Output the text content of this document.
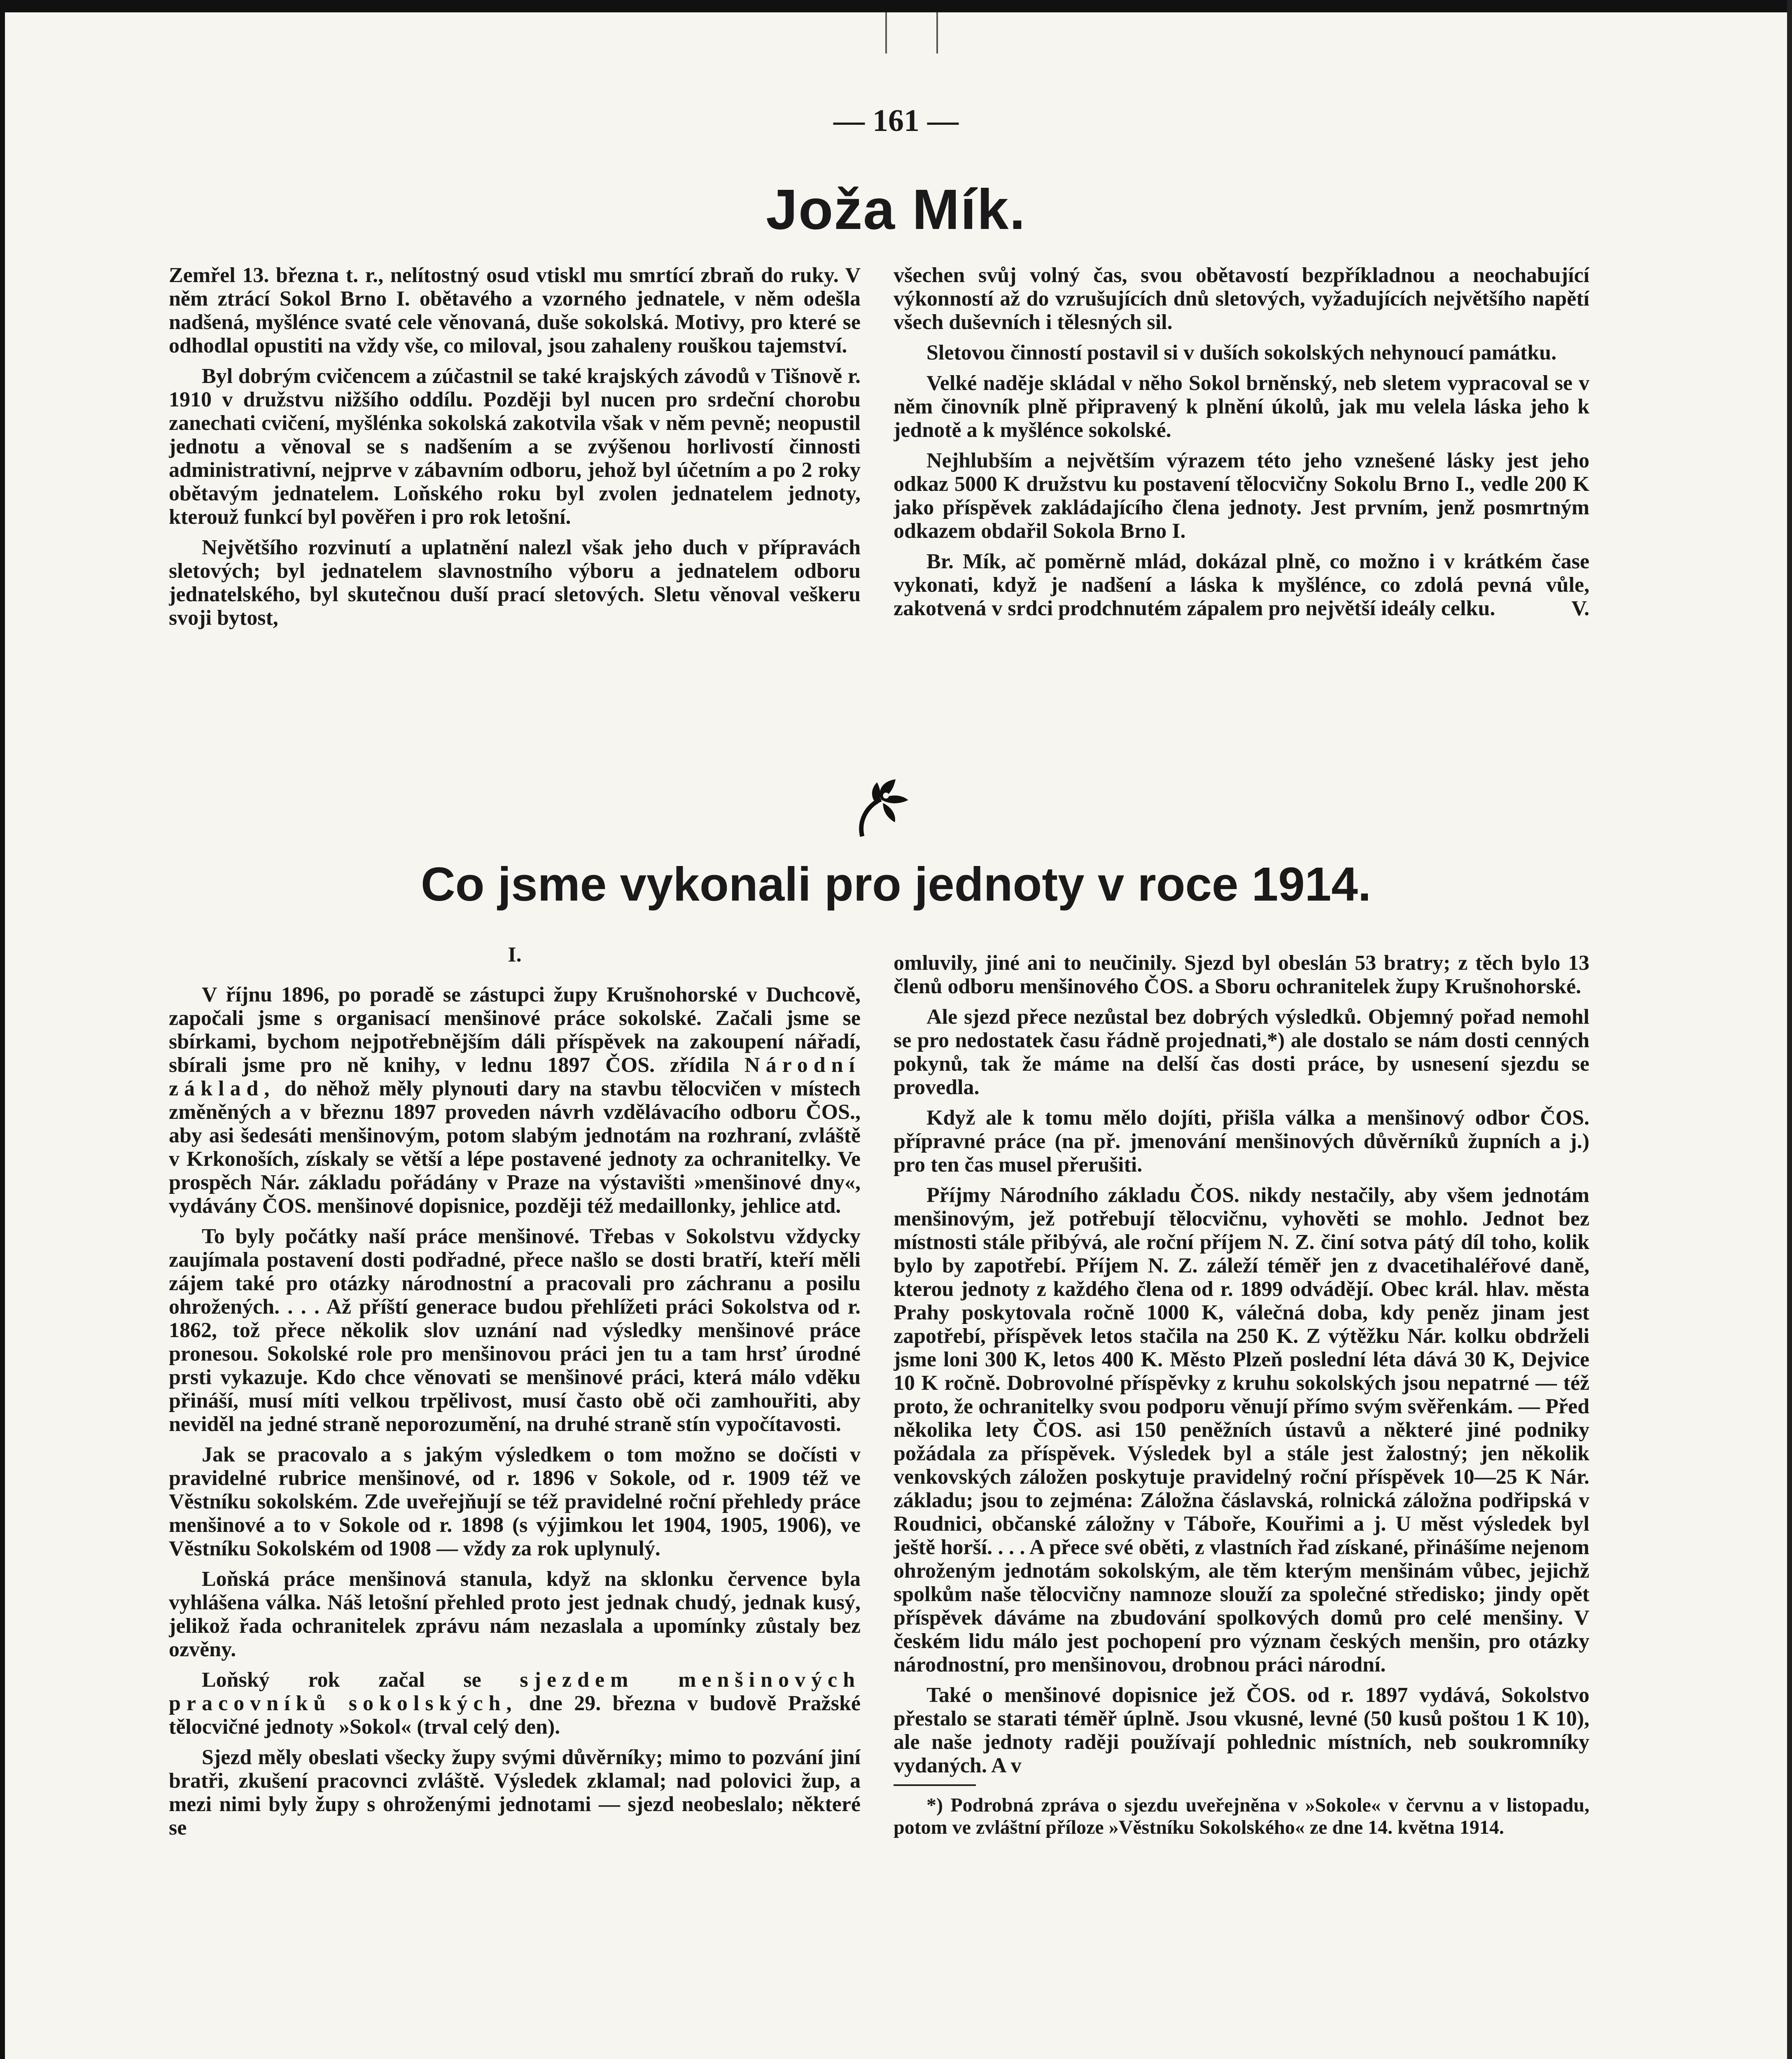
— 161 —
Joža Mík.

Zemřel 13. března t. r., nelítostný osud vtiskl mu smrtící zbraň do ruky. V něm ztrácí Sokol Brno I. obětavého a vzorného jednatele, v něm odešla nadšená, myšlénce svaté cele věnovaná, duše sokolská. Motivy, pro které se odhodlal opustiti na vždy vše, co miloval, jsou zahaleny rouškou tajemství.

Byl dobrým cvičencem a zúčastnil se také krajských závodů v Tišnově r. 1910 v družstvu nižšího oddílu. Později byl nucen pro srdeční chorobu zanechati cvičení, myšlénka sokolská zakotvila však v něm pevně; neopustil jednotu a věnoval se s nadšením a se zvýšenou horlivostí činnosti administrativní, nejprve v zábavním odboru, jehož byl účetním a po 2 roky obětavým jednatelem. Loňského roku byl zvolen jednatelem jednoty, kterouž funkcí byl pověřen i pro rok letošní.

Největšího rozvinutí a uplatnění nalezl však jeho duch v přípravách sletových; byl jednatelem slavnostního výboru a jednatelem odboru jednatelského, byl skutečnou duší prací sletových. Sletu věnoval veškeru svoji bytost,

všechen svůj volný čas, svou obětavostí bezpříkladnou a neochabující výkonností až do vzrušujících dnů sletových, vyžadujících největšího napětí všech duševních i tělesných sil.

Sletovou činností postavil si v duších sokolských nehynoucí památku.

Velké naděje skládal v něho Sokol brněnský, neb sletem vypracoval se v něm činovník plně připravený k plnění úkolů, jak mu velela láska jeho k jednotě a k myšlénce sokolské.

Nejhlubším a největším výrazem této jeho vznešené lásky jest jeho odkaz 5000 K družstvu ku postavení tělocvičny Sokolu Brno I., vedle 200 K jako příspěvek zakládajícího člena jednoty. Jest prvním, jenž posmrtným odkazem obdařil Sokola Brno I.

Br. Mík, ač poměrně mlád, dokázal plně, co možno i v krátkém čase vykonati, když je nadšení a láska k myšlénce, co zdolá pevná vůle, zakotvená v srdci prodchnutém zápalem pro největší ideály celku.	V.

Co jsme vykonali pro jednoty v roce 1914.

I.

V říjnu 1896, po poradě se zástupci župy Krušnohorské v Duchcově, započali jsme s organisací menšinové práce sokolské. Začali jsme se sbírkami, bychom nejpotřebnějším dáli příspěvek na zakoupení nářadí, sbírali jsme pro ně knihy, v lednu 1897 ČOS. zřídila Národní základ, do něhož měly plynouti dary na stavbu tělocvičen v místech změněných a v březnu 1897 proveden návrh vzdělávacího odboru ČOS., aby asi šedesáti menšinovým, potom slabým jednotám na rozhraní, zvláště v Krkonoších, získaly se větší a lépe postavené jednoty za ochranitelky. Ve prospěch Nár. základu pořádány v Praze na výstavišti »menšinové dny«, vydávány ČOS. menšinové dopisnice, později též medaillonky, jehlice atd.

To byly počátky naší práce menšinové. Třebas v Sokolstvu vždycky zaujímala postavení dosti podřadné, přece našlo se dosti bratří, kteří měli zájem také pro otázky národnostní a pracovali pro záchranu a posilu ohrožených. . . . Až příští generace budou přehlížeti práci Sokolstva od r. 1862, tož přece několik slov uznání nad výsledky menšinové práce pronesou. Sokolské role pro menšinovou práci jen tu a tam hrsť úrodné prsti vykazuje. Kdo chce věnovati se menšinové práci, která málo vděku přináší, musí míti velkou trpělivost, musí často obě oči zamhouřiti, aby neviděl na jedné straně neporozumění, na druhé straně stín vypočítavosti.

Jak se pracovalo a s jakým výsledkem o tom možno se dočísti v pravidelné rubrice menšinové, od r. 1896 v Sokole, od r. 1909 též ve Věstníku sokolském. Zde uveřejňují se též pravidelné roční přehledy práce menšinové a to v Sokole od r. 1898 (s výjimkou let 1904, 1905, 1906), ve Věstníku Sokolském od 1908 — vždy za rok uplynulý.

Loňská práce menšinová stanula, když na sklonku července byla vyhlášena válka. Náš letošní přehled proto jest jednak chudý, jednak kusý, jelikož řada ochranitelek zprávu nám nezaslala a upomínky zůstaly bez ozvěny.

Loňský rok začal se sjezdem menšinových pracovníků sokolských, dne 29. března v budově Pražské tělocvičné jednoty »Sokol« (trval celý den).

Sjezd měly obeslati všecky župy svými důvěrníky; mimo to pozvání jiní bratři, zkušení pracovnci zvláště. Výsledek zklamal; nad polovici žup, a mezi nimi byly župy s ohroženými jednotami — sjezd neobeslalo; některé se

omluvily, jiné ani to neučinily. Sjezd byl obeslán 53 bratry; z těch bylo 13 členů odboru menšinového ČOS. a Sboru ochranitelek župy Krušnohorské.

Ale sjezd přece nezůstal bez dobrých výsledků. Objemný pořad nemohl se pro nedostatek času řádně projednati,*) ale dostalo se nám dosti cenných pokynů, tak že máme na delší čas dosti práce, by usnesení sjezdu se provedla.

Když ale k tomu mělo dojíti, přišla válka a menšinový odbor ČOS. přípravné práce (na př. jmenování menšinových důvěrníků župních a j.) pro ten čas musel přerušiti.

Příjmy Národního základu ČOS. nikdy nestačily, aby všem jednotám menšinovým, jež potřebují tělocvičnu, vyhověti se mohlo. Jednot bez místnosti stále přibývá, ale roční příjem N. Z. činí sotva pátý díl toho, kolik bylo by zapotřebí. Příjem N. Z. záleží téměř jen z dvacetihaléřové daně, kterou jednoty z každého člena od r. 1899 odvádějí. Obec král. hlav. města Prahy poskytovala ročně 1000 K, válečná doba, kdy peněz jinam jest zapotřebí, příspěvek letos stačila na 250 K. Z výtěžku Nár. kolku obdrželi jsme loni 300 K, letos 400 K. Město Plzeň poslední léta dává 30 K, Dejvice 10 K ročně. Dobrovolné příspěvky z kruhu sokolských jsou nepatrné — též proto, že ochranitelky svou podporu věnují přímo svým svěřenkám. — Před několika lety ČOS. asi 150 peněžních ústavů a některé jiné podniky požádala za příspěvek. Výsledek byl a stále jest žalostný; jen několik venkovských záložen poskytuje pravidelný roční příspěvek 10—25 K Nár. základu; jsou to zejména: Záložna čáslavská, rolnická záložna podřipská v Roudnici, občanské záložny v Táboře, Kouřimi a j. U měst výsledek byl ještě horší. . . . A přece své oběti, z vlastních řad získané, přinášíme nejenom ohroženým jednotám sokolským, ale těm kterým menšinám vůbec, jejichž spolkům naše tělocvičny namnoze slouží za společné středisko; jindy opět příspěvek dáváme na zbudování spolkových domů pro celé menšiny. V českém lidu málo jest pochopení pro význam českých menšin, pro otázky národnostní, pro menšinovou, drobnou práci národní.

Také o menšinové dopisnice jež ČOS. od r. 1897 vydává, Sokolstvo přestalo se starati téměř úplně. Jsou vkusné, levné (50 kusů poštou 1 K 10), ale naše jednoty raději používají pohlednic místních, neb soukromníky vydaných. A v

*) Podrobná zpráva o sjezdu uveřejněna v »Sokole« v červnu a v listopadu, potom ve zvláštní příloze »Věstníku Sokolského« ze dne 14. května 1914.
